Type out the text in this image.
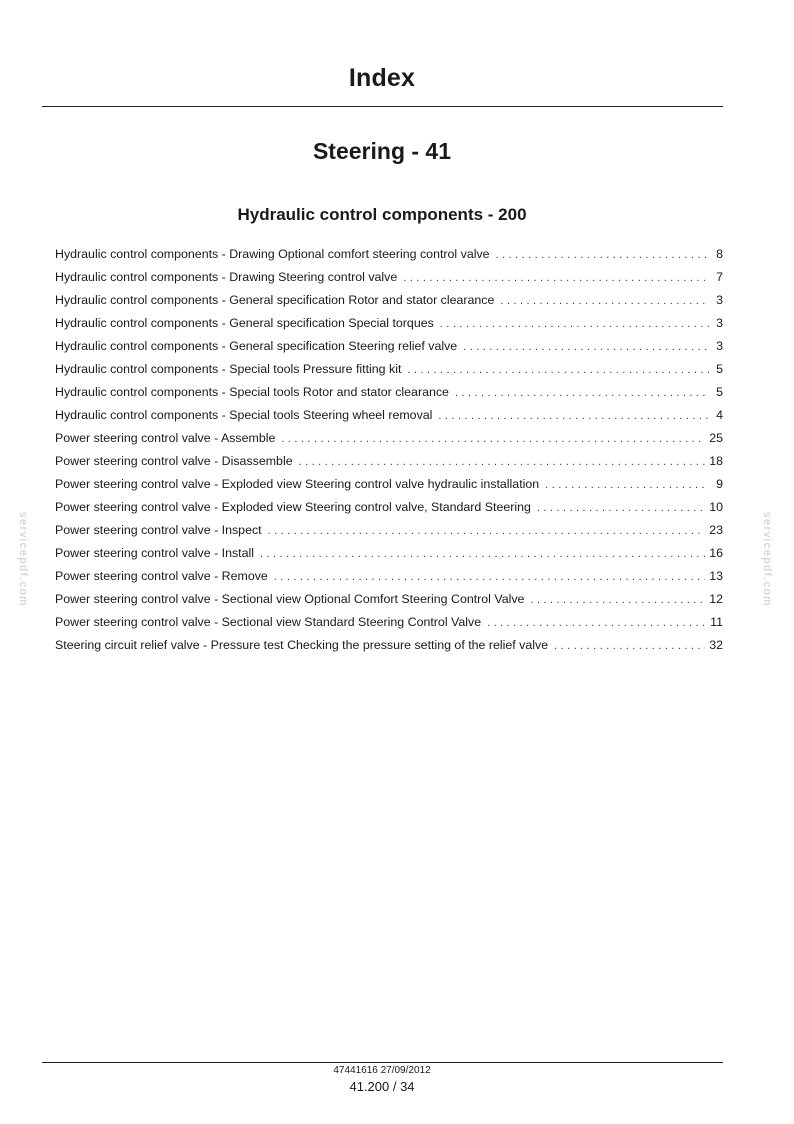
Index
Steering - 41
Hydraulic control components - 200
Hydraulic control components - Drawing Optional comfort steering control valve . . .	8
Hydraulic control components - Drawing Steering control valve . . .	7
Hydraulic control components - General specification Rotor and stator clearance . . .	3
Hydraulic control components - General specification Special torques . . .	3
Hydraulic control components - General specification Steering relief valve . . .	3
Hydraulic control components - Special tools Pressure fitting kit . . .	5
Hydraulic control components - Special tools Rotor and stator clearance . . .	5
Hydraulic control components - Special tools Steering wheel removal . . .	4
Power steering control valve - Assemble . . .	25
Power steering control valve - Disassemble . . .	18
Power steering control valve - Exploded view Steering control valve hydraulic installation . . .	9
Power steering control valve - Exploded view Steering control valve, Standard Steering . . .	10
Power steering control valve - Inspect . . .	23
Power steering control valve - Install . . .	16
Power steering control valve - Remove . . .	13
Power steering control valve - Sectional view Optional Comfort Steering Control Valve . . .	12
Power steering control valve - Sectional view Standard Steering Control Valve . . .	11
Steering circuit relief valve - Pressure test Checking the pressure setting of the relief valve . . .	32
servicepdf.com	servicepdf.com
47441616 27/09/2012
41.200 / 34
